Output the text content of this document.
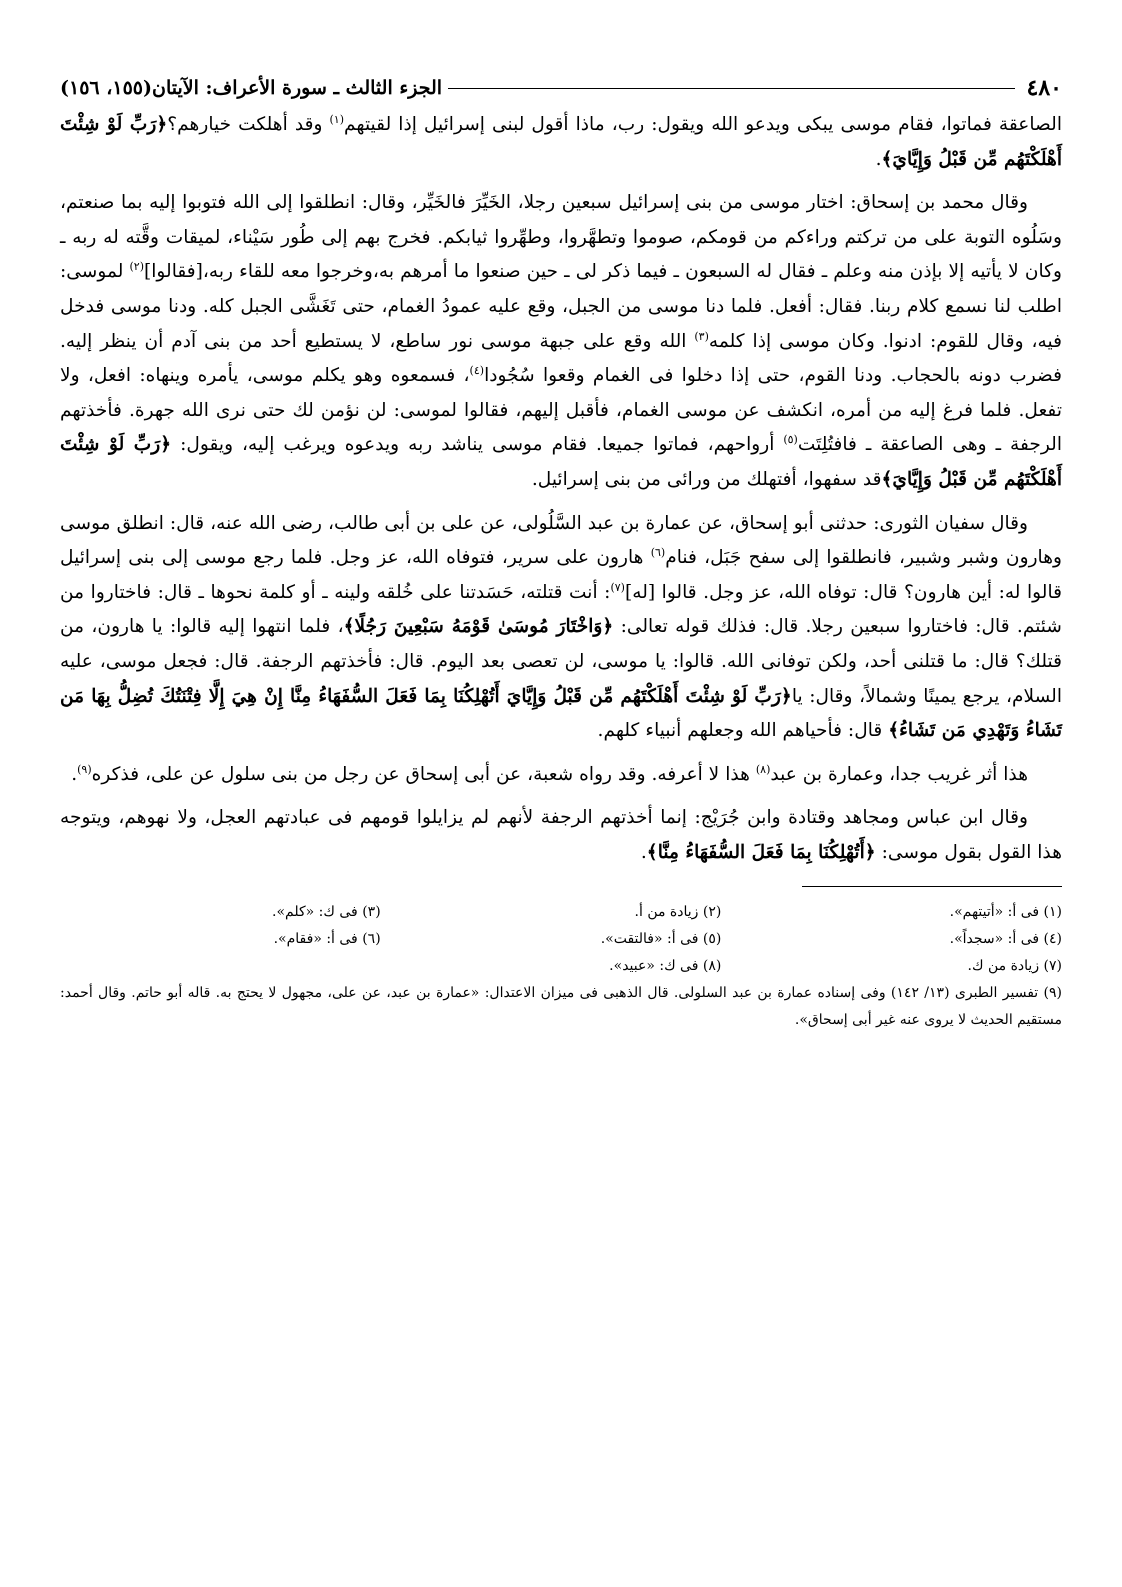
٤٨٠
الجزء الثالث ـ سورة الأعراف: الآيتان(١٥٥، ١٥٦)

الصاعقة فماتوا، فقام موسى يبكى ويدعو الله ويقول: رب، ماذا أقول لبنى إسرائيل إذا لقيتهم$^{(١)}$ وقد أهلكت خيارهم؟﴿رَبِّ لَوْ شِئْتَ أَهْلَكْتَهُم مِّن قَبْلُ وَإِيَّايَ﴾.

وقال محمد بن إسحاق: اختار موسى من بنى إسرائيل سبعين رجلا، الخَيِّرَ فالخَيِّر، وقال: انطلقوا إلى الله فتوبوا إليه بما صنعتم، وسَلُوه التوبة على من تركتم وراءكم من قومكم، صوموا وتطهَّروا، وطهِّروا ثيابكم. فخرج بهم إلى طُور سَيْناء، لميقات وقَّته له ربه ـ وكان لا يأتيه إلا بإذن منه وعلم ـ فقال له السبعون ـ فيما ذكر لى ـ حين صنعوا ما أمرهم به،وخرجوا معه للقاء ربه،[فقالوا]$^{(٢)}$ لموسى: اطلب لنا نسمع كلام ربنا. فقال: أفعل. فلما دنا موسى من الجبل، وقع عليه عمودُ الغمام، حتى تَغَشَّى الجبل كله. ودنا موسى فدخل فيه، وقال للقوم: ادنوا. وكان موسى إذا كلمه$^{(٣)}$ الله وقع على جبهة موسى نور ساطع، لا يستطيع أحد من بنى آدم أن ينظر إليه. فضرب دونه بالحجاب. ودنا القوم، حتى إذا دخلوا فى الغمام وقعوا سُجُودا$^{(٤)}$، فسمعوه وهو يكلم موسى، يأمره وينهاه: افعل، ولا تفعل. فلما فرغ إليه من أمره، انكشف عن موسى الغمام، فأقبل إليهم، فقالوا لموسى: لن نؤمن لك حتى نرى الله جهرة. فأخذتهم الرجفة ـ وهى الصاعقة ـ فافتُلِتَت$^{(٥)}$ أرواحهم، فماتوا جميعا. فقام موسى يناشد ربه ويدعوه ويرغب إليه، ويقول: ﴿رَبِّ لَوْ شِئْتَ أَهْلَكْتَهُم مِّن قَبْلُ وَإِيَّايَ﴾قد سفهوا، أفتهلك من ورائى من بنى إسرائيل.

وقال سفيان الثورى: حدثنى أبو إسحاق، عن عمارة بن عبد السَّلُولى، عن على بن أبى طالب، رضى الله عنه، قال: انطلق موسى وهارون وشبر وشبير، فانطلقوا إلى سفح جَبَل، فنام$^{(٦)}$ هارون على سرير، فتوفاه الله، عز وجل. فلما رجع موسى إلى بنى إسرائيل قالوا له: أين هارون؟ قال: توفاه الله، عز وجل. قالوا [له]$^{(٧)}$: أنت قتلته، حَسَدتنا على خُلقه ولينه ـ أو كلمة نحوها ـ قال: فاختاروا من شئتم. قال: فاختاروا سبعين رجلا. قال: فذلك قوله تعالى: ﴿وَاخْتَارَ مُوسَىٰ قَوْمَهُ سَبْعِينَ رَجُلًا﴾، فلما انتهوا إليه قالوا: يا هارون، من قتلك؟ قال: ما قتلنى أحد، ولكن توفانى الله. قالوا: يا موسى، لن تعصى بعد اليوم. قال: فأخذتهم الرجفة. قال: فجعل موسى، عليه السلام، يرجع يمينًا وشمالاً، وقال: يا﴿رَبِّ لَوْ شِئْتَ أَهْلَكْتَهُم مِّن قَبْلُ وَإِيَّايَ أَتُهْلِكُنَا بِمَا فَعَلَ السُّفَهَاءُ مِنَّا إِنْ هِيَ إِلَّا فِتْنَتُكَ تُضِلُّ بِهَا مَن تَشَاءُ وَتَهْدِي مَن تَشَاءُ﴾ قال: فأحياهم الله وجعلهم أنبياء كلهم.

هذا أثر غريب جدا، وعمارة بن عبد$^{(٨)}$ هذا لا أعرفه. وقد رواه شعبة، عن أبى إسحاق عن رجل من بنى سلول عن على، فذكره$^{(٩)}$.

وقال ابن عباس ومجاهد وقتادة وابن جُرَيْج: إنما أخذتهم الرجفة لأنهم لم يزايلوا قومهم فى عبادتهم العجل، ولا نهوهم، ويتوجه هذا القول بقول موسى: ﴿أَتُهْلِكُنَا بِمَا فَعَلَ السُّفَهَاءُ مِنَّا﴾.

(١) فى أ: «أتيتهم».
(٢) زيادة من أ.
(٣) فى ك: «كلم».
(٤) فى أ: «سجداً».
(٥) فى أ: «فالتقت».
(٦) فى أ: «فقام».
(٧) زيادة من ك.
(٨) فى ك: «عبيد».
(٩) تفسير الطبرى (١٣/ ١٤٢) وفى إسناده عمارة بن عبد السلولى. قال الذهبى فى ميزان الاعتدال: «عمارة بن عبد، عن على، مجهول لا يحتج به. قاله أبو حاتم. وقال أحمد: مستقيم الحديث لا يروى عنه غير أبى إسحاق».
